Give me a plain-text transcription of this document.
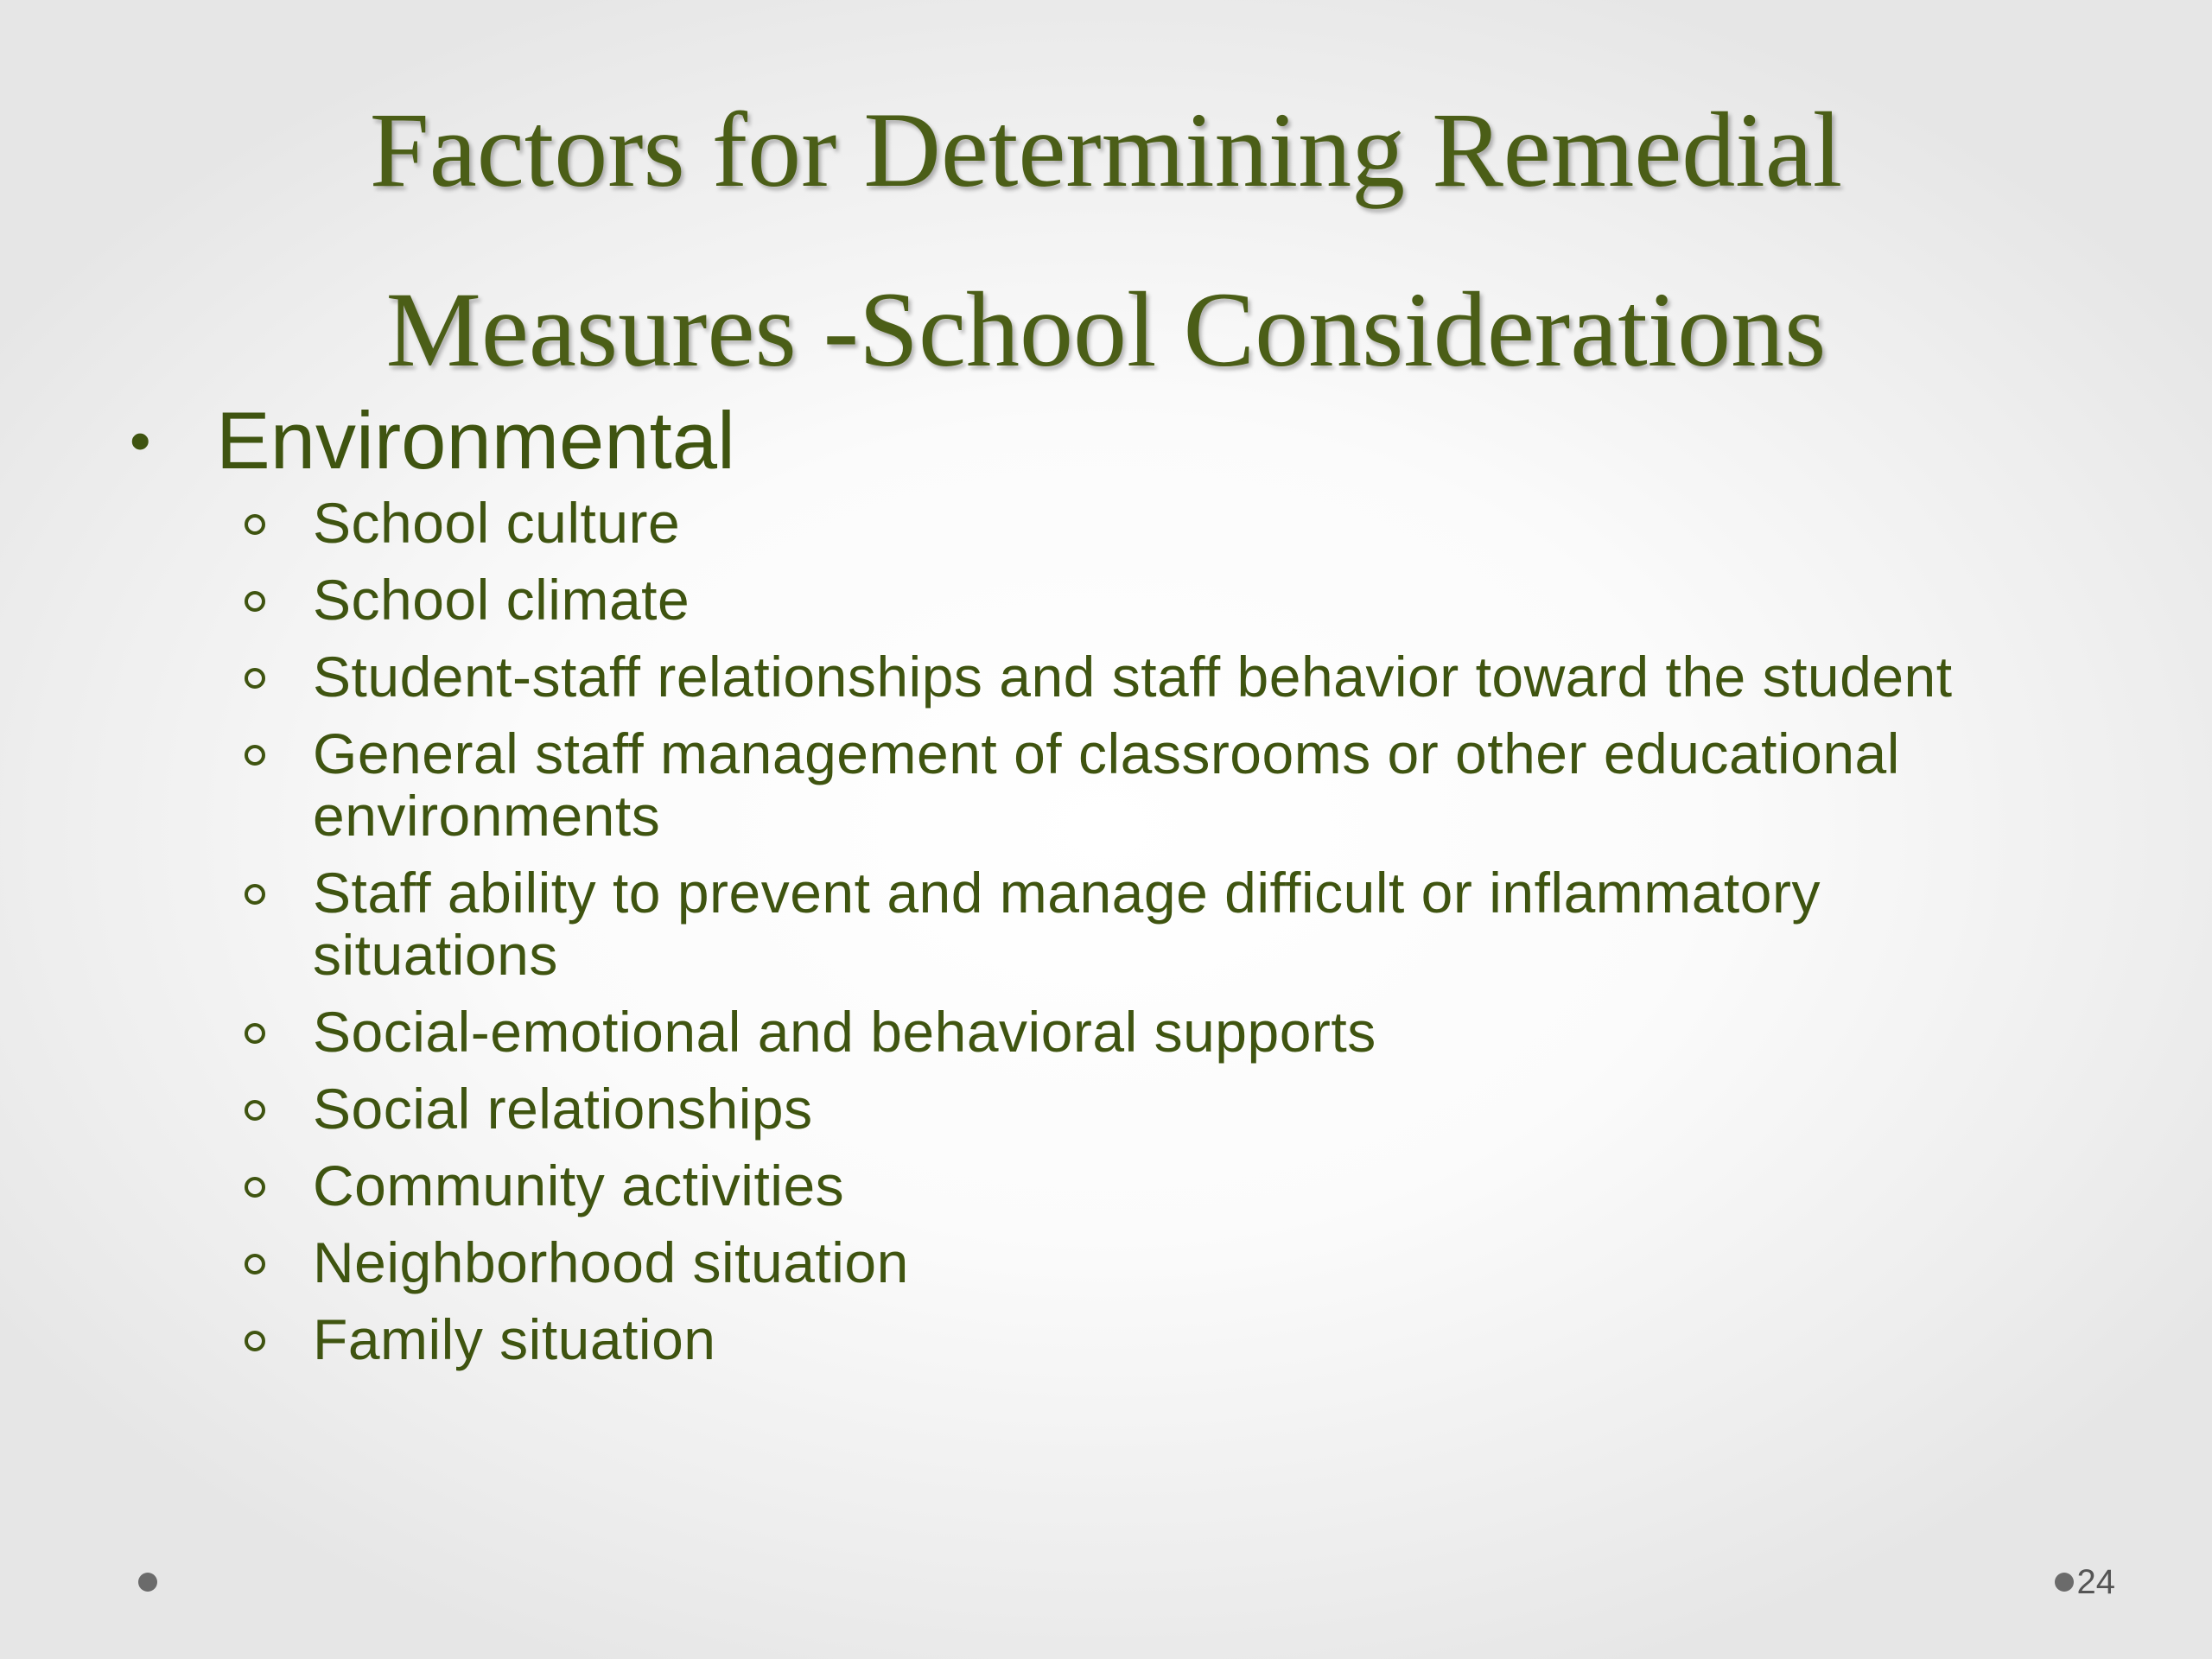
Factors for Determining Remedial
Measures -School Considerations
• Environmental
School culture
School climate
Student-staff relationships and staff behavior toward the student
General staff management of classrooms or other educational environments
Staff ability to prevent and manage difficult or inflammatory situations
Social-emotional and behavioral supports
Social relationships
Community activities
Neighborhood situation
Family situation
24
